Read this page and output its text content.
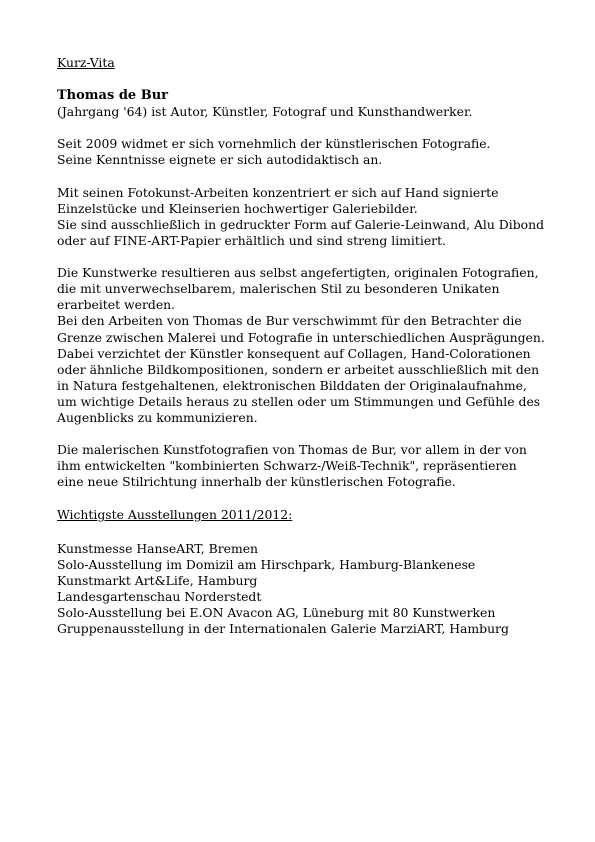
Kurz-Vita
Thomas de Bur
(Jahrgang '64) ist Autor, Künstler, Fotograf und Kunsthandwerker.
Seit 2009 widmet er sich vornehmlich der künstlerischen Fotografie.
Seine Kenntnisse eignete er sich autodidaktisch an.
Mit seinen Fotokunst-Arbeiten konzentriert er sich auf Hand signierte
Einzelstücke und Kleinserien hochwertiger Galeriebilder.
Sie sind ausschließlich in gedruckter Form auf Galerie-Leinwand, Alu Dibond
oder auf FINE-ART-Papier erhältlich und sind streng limitiert.
Die Kunstwerke resultieren aus selbst angefertigten, originalen Fotografien,
die mit unverwechselbarem, malerischen Stil zu besonderen Unikaten
erarbeitet werden.
Bei den Arbeiten von Thomas de Bur verschwimmt für den Betrachter die
Grenze zwischen Malerei und Fotografie in unterschiedlichen Ausprägungen.
Dabei verzichtet der Künstler konsequent auf Collagen, Hand-Colorationen
oder ähnliche Bildkompositionen, sondern er arbeitet ausschließlich mit den
in Natura festgehaltenen, elektronischen Bilddaten der Originalaufnahme,
um wichtige Details heraus zu stellen oder um Stimmungen und Gefühle des
Augenblicks zu kommunizieren.
Die malerischen Kunstfotografien von Thomas de Bur, vor allem in der von
ihm entwickelten "kombinierten Schwarz-/Weiß-Technik", repräsentieren
eine neue Stilrichtung innerhalb der künstlerischen Fotografie.
Wichtigste Ausstellungen 2011/2012:
Kunstmesse HanseART, Bremen
Solo-Ausstellung im Domizil am Hirschpark, Hamburg-Blankenese
Kunstmarkt Art&Life, Hamburg
Landesgartenschau Norderstedt
Solo-Ausstellung bei E.ON Avacon AG, Lüneburg mit 80 Kunstwerken
Gruppenausstellung in der Internationalen Galerie MarziART, Hamburg
